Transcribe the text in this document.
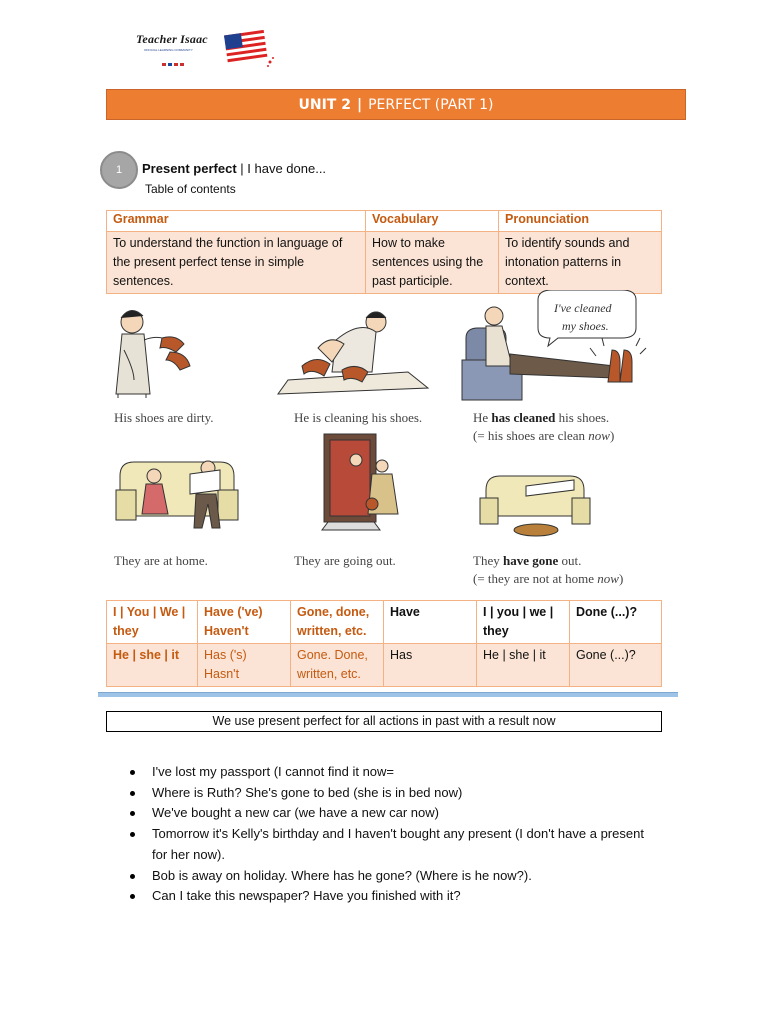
Teacher Isaac
OFFICIAL LEARNING COMMUNITY
UNIT 2 | PERFECT (PART 1)
1 Present perfect | I have done...
Table of contents
Grammar	Vocabulary	Pronunciation
To understand the function in language of the present perfect tense in simple sentences.	How to make sentences using the past participle.	To identify sounds and intonation patterns in context.
I've cleaned
my shoes.
His shoes are dirty.	He is cleaning his shoes.	He has cleaned his shoes.
(= his shoes are clean now)
They are at home.	They are going out.	They have gone out.
(= they are not at home now)
I | You | We | they	Have ('ve) Haven't	Gone, done, written, etc.	Have	I | you | we | they	Done (...)?
He | she | it	Has ('s) Hasn't	Gone. Done, written, etc.	Has	He | she | it	Gone (...)?
We use present perfect for all actions in past with a result now
I've lost my passport (I cannot find it now=
Where is Ruth? She's gone to bed (she is in bed now)
We've bought a new car (we have a new car now)
Tomorrow it's Kelly's birthday and I haven't bought any present (I don't have a present for her now).
Bob is away on holiday. Where has he gone? (Where is he now?).
Can I take this newspaper? Have you finished with it?
